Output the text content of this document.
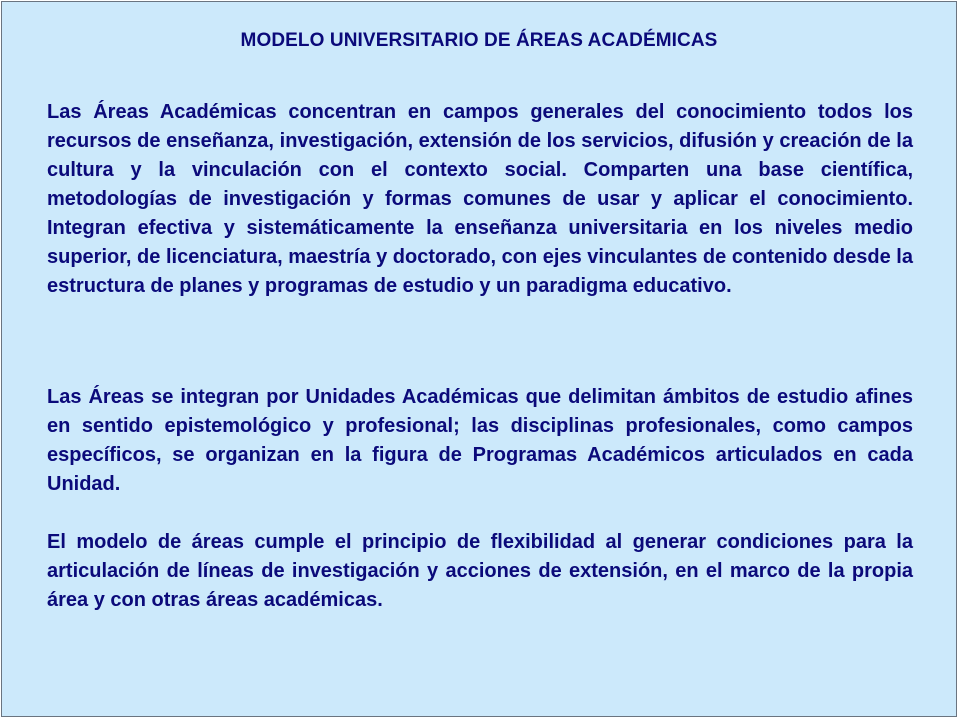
MODELO UNIVERSITARIO DE ÁREAS ACADÉMICAS

Las Áreas Académicas concentran en campos generales del conocimiento todos los recursos de enseñanza, investigación, extensión de los servicios, difusión y creación de la cultura y la vinculación con el contexto social. Comparten una base científica, metodologías de investigación y formas comunes de usar y aplicar el conocimiento. Integran efectiva y sistemáticamente la enseñanza universitaria en los niveles medio superior, de licenciatura, maestría y doctorado, con ejes vinculantes de contenido desde la estructura de planes y programas de estudio y un paradigma educativo.

Las Áreas se integran por Unidades Académicas que delimitan ámbitos de estudio afines en sentido epistemológico y profesional; las disciplinas profesionales, como campos específicos, se organizan en la figura de Programas Académicos articulados en cada Unidad.

El modelo de áreas cumple el principio de flexibilidad al generar condiciones para la articulación de líneas de investigación y acciones de extensión, en el marco de la propia área y con otras áreas académicas.
